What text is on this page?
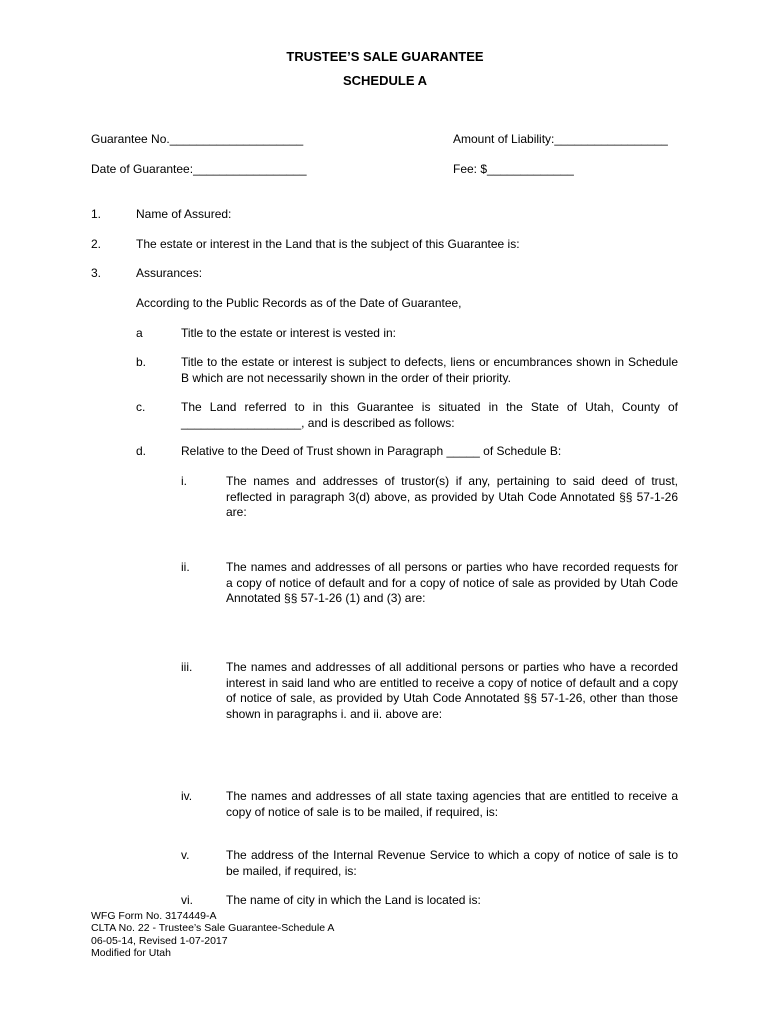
TRUSTEE’S SALE GUARANTEE
SCHEDULE A
Guarantee No.____________________	Amount of Liability:_________________
Date of Guarantee:_________________	Fee: $_____________
1.	Name of Assured:
2.	The estate or interest in the Land that is the subject of this Guarantee is:
3.	Assurances:
According to the Public Records as of the Date of Guarantee,
a	Title to the estate or interest is vested in:
b.	Title to the estate or interest is subject to defects, liens or encumbrances shown in Schedule B which are not necessarily shown in the order of their priority.
c.	The Land referred to in this Guarantee is situated in the State of Utah, County of __________________, and is described as follows:
d.	Relative to the Deed of Trust shown in Paragraph _____ of Schedule B:
i.	The names and addresses of trustor(s) if any, pertaining to said deed of trust, reflected in paragraph 3(d) above, as provided by Utah Code Annotated §§ 57-1-26 are:
ii.	The names and addresses of all persons or parties who have recorded requests for a copy of notice of default and for a copy of notice of sale as provided by Utah Code Annotated §§ 57-1-26 (1) and (3) are:
iii.	The names and addresses of all additional persons or parties who have a recorded interest in said land who are entitled to receive a copy of notice of default and a copy of notice of sale, as provided by Utah Code Annotated §§ 57-1-26, other than those shown in paragraphs i. and ii. above are:
iv.	The names and addresses of all state taxing agencies that are entitled to receive a copy of notice of sale is to be mailed, if required, is:
v.	The address of the Internal Revenue Service to which a copy of notice of sale is to be mailed, if required, is:
vi.	The name of city in which the Land is located is:
WFG Form No. 3174449-A
CLTA No. 22 - Trustee’s Sale Guarantee-Schedule A
06-05-14, Revised 1-07-2017
Modified for Utah
